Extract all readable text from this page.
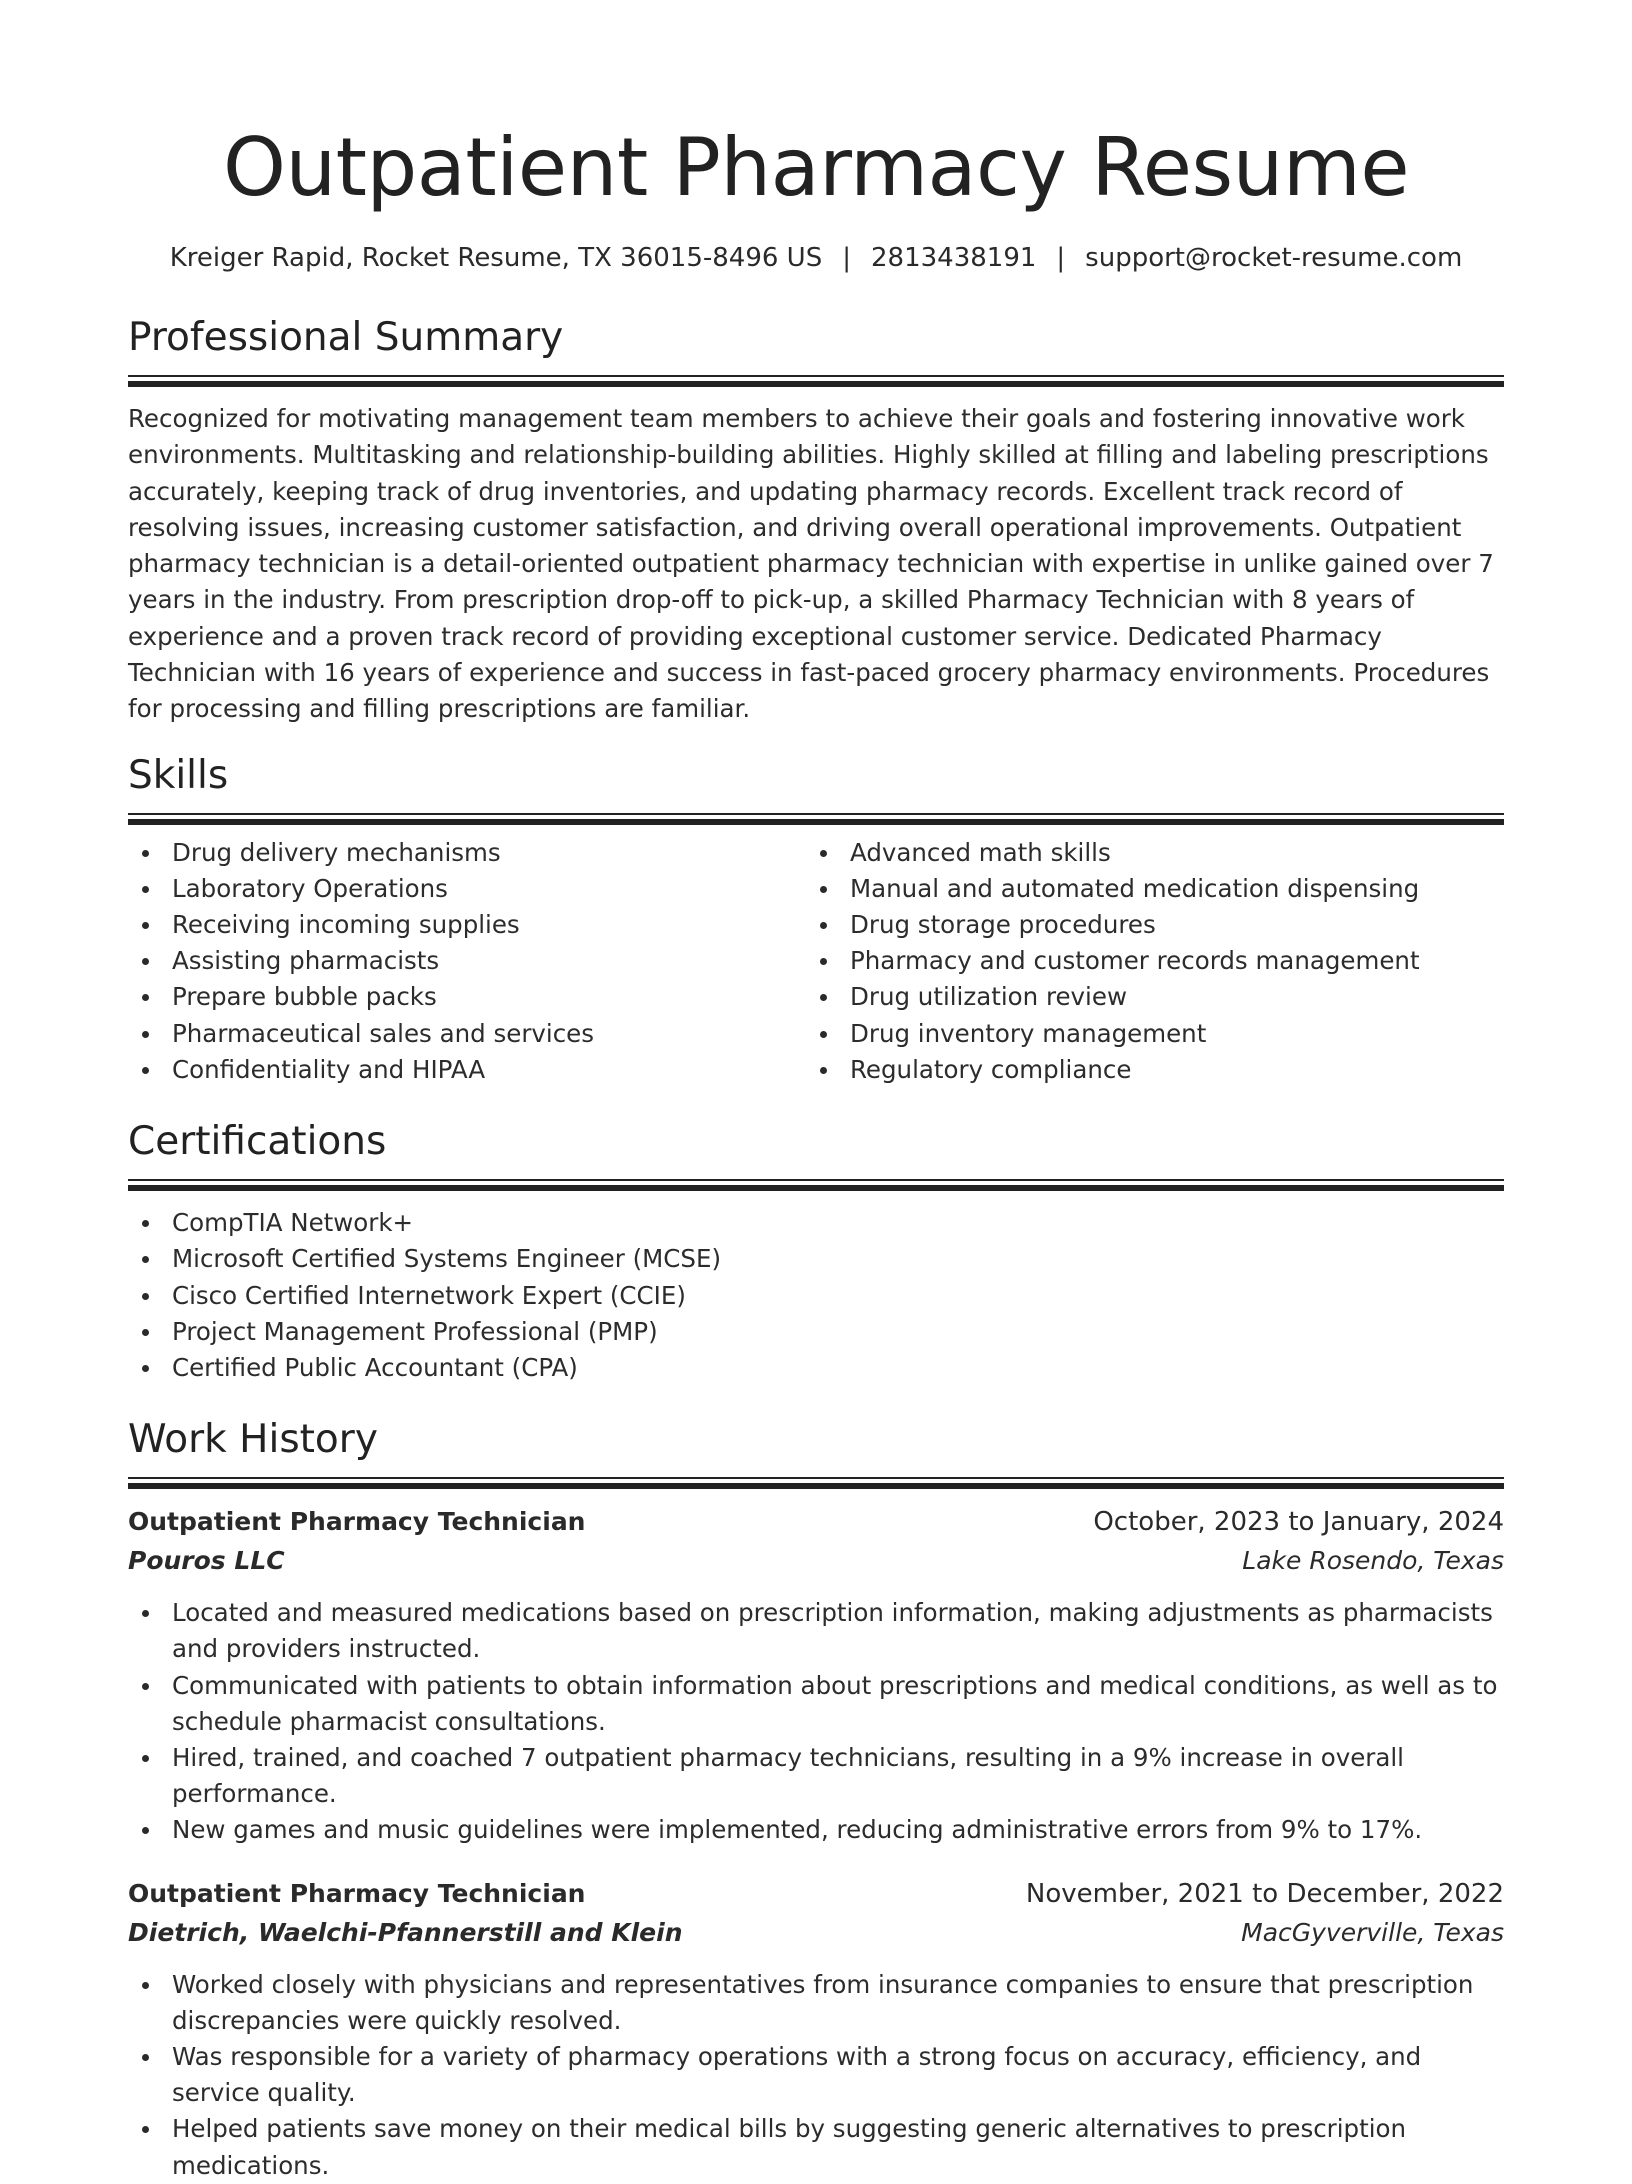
Outpatient Pharmacy Resume
Kreiger Rapid, Rocket Resume, TX 36015-8496 US | 2813438191 | support@rocket-resume.com
Professional Summary

Recognized for motivating management team members to achieve their goals and fostering innovative work environments. Multitasking and relationship-building abilities. Highly skilled at filling and labeling prescriptions accurately, keeping track of drug inventories, and updating pharmacy records. Excellent track record of resolving issues, increasing customer satisfaction, and driving overall operational improvements. Outpatient pharmacy technician is a detail-oriented outpatient pharmacy technician with expertise in unlike gained over 7 years in the industry. From prescription drop-off to pick-up, a skilled Pharmacy Technician with 8 years of experience and a proven track record of providing exceptional customer service. Dedicated Pharmacy Technician with 16 years of experience and success in fast-paced grocery pharmacy environments. Procedures for processing and filling prescriptions are familiar.

Skills
Drug delivery mechanisms
Laboratory Operations
Receiving incoming supplies
Assisting pharmacists
Prepare bubble packs
Pharmaceutical sales and services
Confidentiality and HIPAA
Advanced math skills
Manual and automated medication dispensing
Drug storage procedures
Pharmacy and customer records management
Drug utilization review
Drug inventory management
Regulatory compliance
Certifications
CompTIA Network+
Microsoft Certified Systems Engineer (MCSE)
Cisco Certified Internetwork Expert (CCIE)
Project Management Professional (PMP)
Certified Public Accountant (CPA)
Work History
Outpatient Pharmacy Technician	October, 2023 to January, 2024
Pouros LLC	Lake Rosendo, Texas
Located and measured medications based on prescription information, making adjustments as pharmacists and providers instructed.
Communicated with patients to obtain information about prescriptions and medical conditions, as well as to schedule pharmacist consultations.
Hired, trained, and coached 7 outpatient pharmacy technicians, resulting in a 9% increase in overall performance.
New games and music guidelines were implemented, reducing administrative errors from 9% to 17%.
Outpatient Pharmacy Technician	November, 2021 to December, 2022
Dietrich, Waelchi-Pfannerstill and Klein	MacGyverville, Texas
Worked closely with physicians and representatives from insurance companies to ensure that prescription discrepancies were quickly resolved.
Was responsible for a variety of pharmacy operations with a strong focus on accuracy, efficiency, and service quality.
Helped patients save money on their medical bills by suggesting generic alternatives to prescription medications.
